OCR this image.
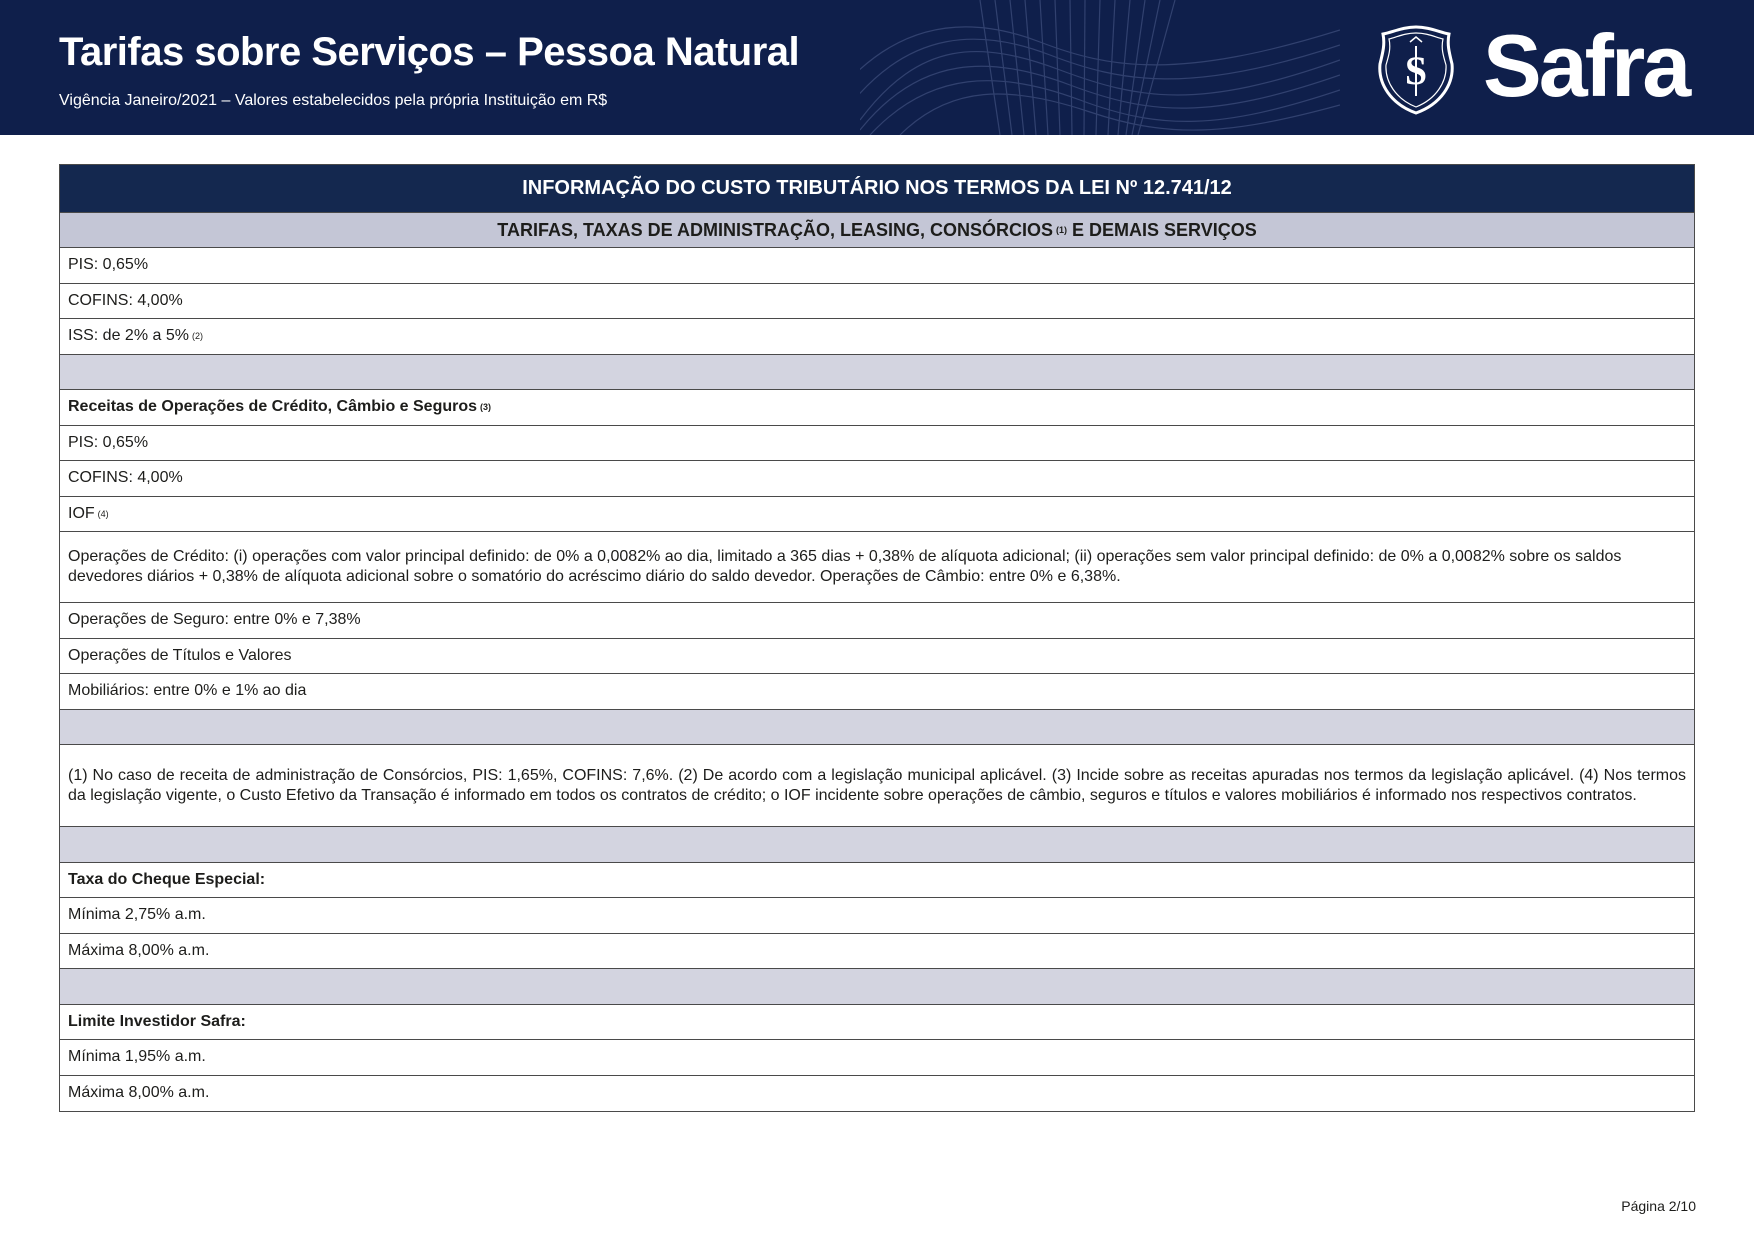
Tarifas sobre Serviços – Pessoa Natural
Vigência Janeiro/2021 – Valores estabelecidos pela própria Instituição em R$
S Safra
INFORMAÇÃO DO CUSTO TRIBUTÁRIO NOS TERMOS DA LEI Nº 12.741/12
TARIFAS, TAXAS DE ADMINISTRAÇÃO, LEASING, CONSÓRCIOS (1)
E DEMAIS SERVIÇOS
PIS: 0,65%
COFINS: 4,00%
ISS: de 2% a 5% (2)
Receitas de Operações de Crédito, Câmbio e Seguros (3)
PIS: 0,65%
COFINS: 4,00%
IOF (4)
Operações de Crédito: (i) operações com valor principal definido: de 0% a 0,0082% ao dia, limitado a 365 dias + 0,38% de alíquota adicional; (ii) operações sem valor principal definido: de 0% a 0,0082% sobre os saldos devedores diários + 0,38% de alíquota adicional sobre o somatório do acréscimo diário do saldo devedor. Operações de Câmbio: entre 0% e 6,38%.
Operações de Seguro: entre 0% e 7,38%
Operações de Títulos e Valores
Mobiliários: entre 0% e 1% ao dia
(1) No caso de receita de administração de Consórcios, PIS: 1,65%, COFINS: 7,6%. (2) De acordo com a legislação municipal aplicável. (3) Incide sobre as receitas apuradas nos termos da legislação aplicável. (4) Nos termos da legislação vigente, o Custo Efetivo da Transação é informado em todos os contratos de crédito; o IOF incidente sobre operações de câmbio, seguros e títulos e valores mobiliários é informado nos respectivos contratos.
Taxa do Cheque Especial:
Mínima 2,75% a.m.
Máxima 8,00% a.m.
Limite Investidor Safra:
Mínima 1,95% a.m.
Máxima 8,00% a.m.
Página 2/10
